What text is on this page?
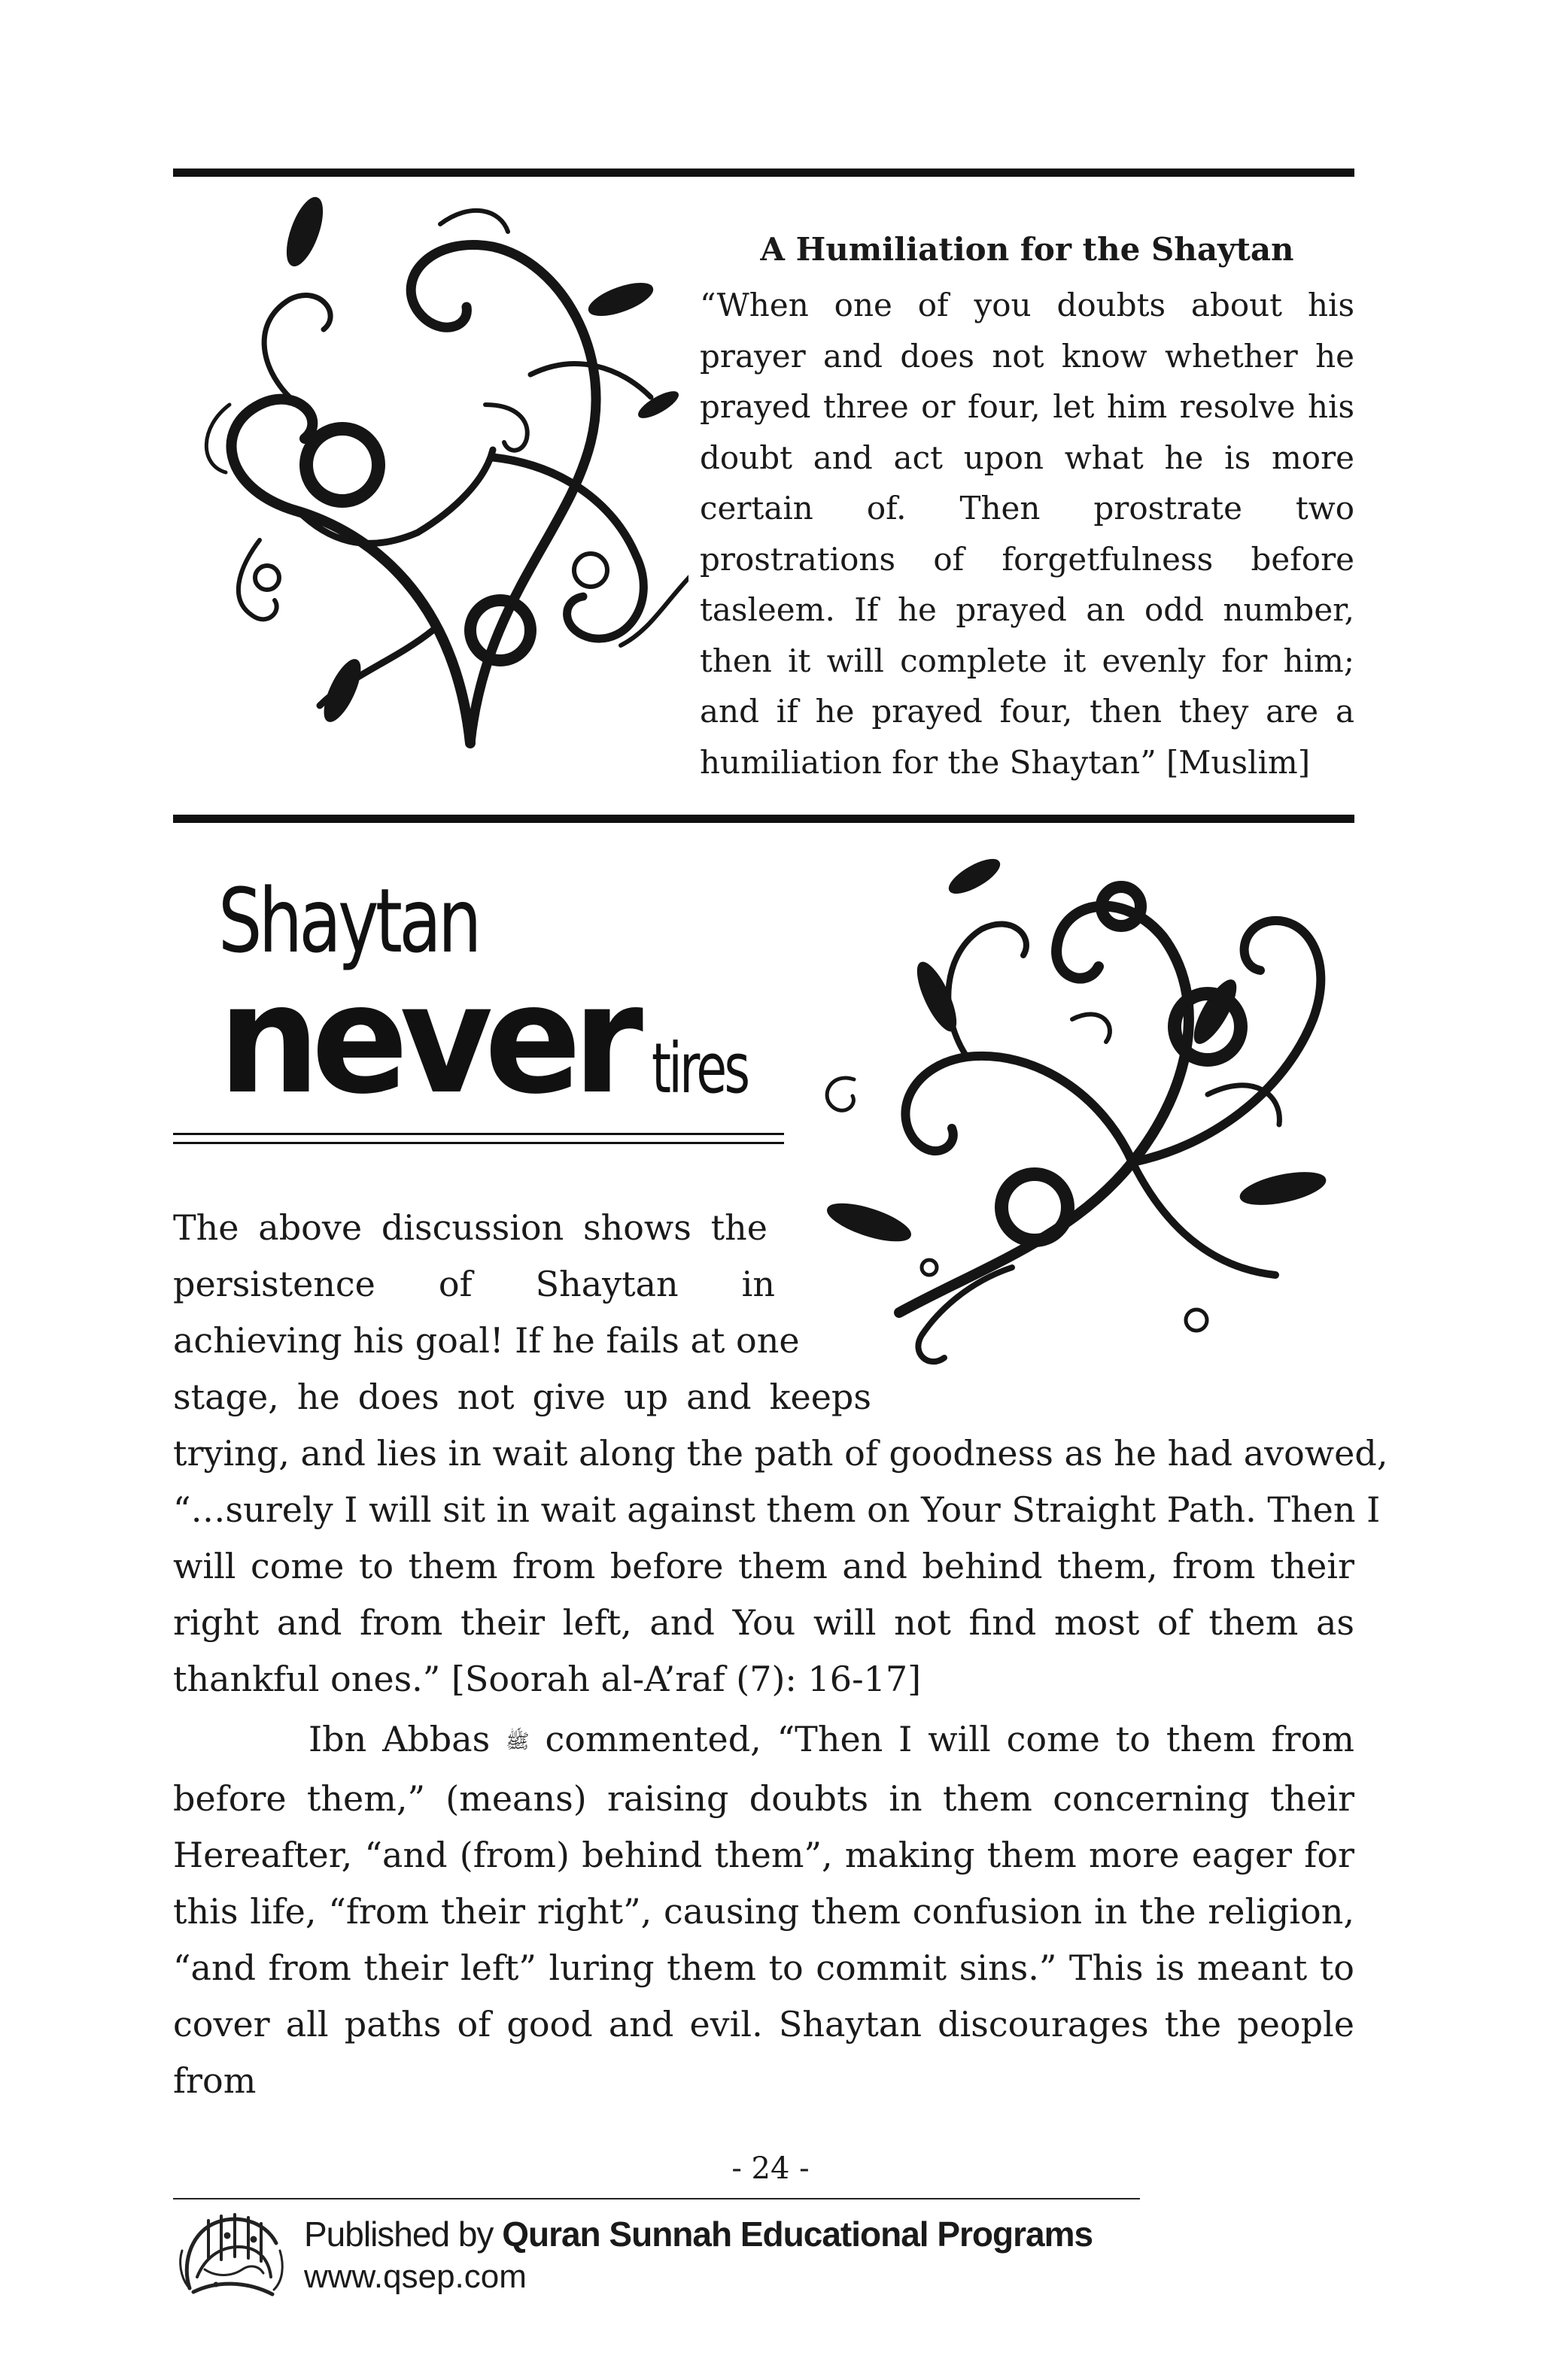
A Humiliation for the Shaytan

“When one of you doubts about his prayer and does not know whether he prayed three or four, let him resolve his doubt and act upon what he is more certain of. Then prostrate two prostrations of forgetfulness before tasleem. If he prayed an odd number, then it will complete it evenly for him; and if he prayed four, then they are a humiliation for the Shaytan” [Muslim]

Shaytan
never tires
The above discussion shows the
persistence of Shaytan in
achieving his goal! If he fails at one
stage, he does not give up and keeps
trying, and lies in wait along the path of goodness as he had avowed,
“…surely I will sit in wait against them on Your Straight Path. Then I
will come to them from before them and behind them, from their
right and from their left, and You will not find most of them as
thankful ones.” [Soorah al-A’raf (7): 16-17]

Ibn Abbas ﷺ commented, “Then I will come to them from before them,” (means) raising doubts in them concerning their Hereafter, “and (from) behind them”, making them more eager for this life, “from their right”, causing them confusion in the religion, “and from their left” luring them to commit sins.” This is meant to cover all paths of good and evil. Shaytan discourages the people from

- 24 -
Published by Quran Sunnah Educational Programs
www.qsep.com
